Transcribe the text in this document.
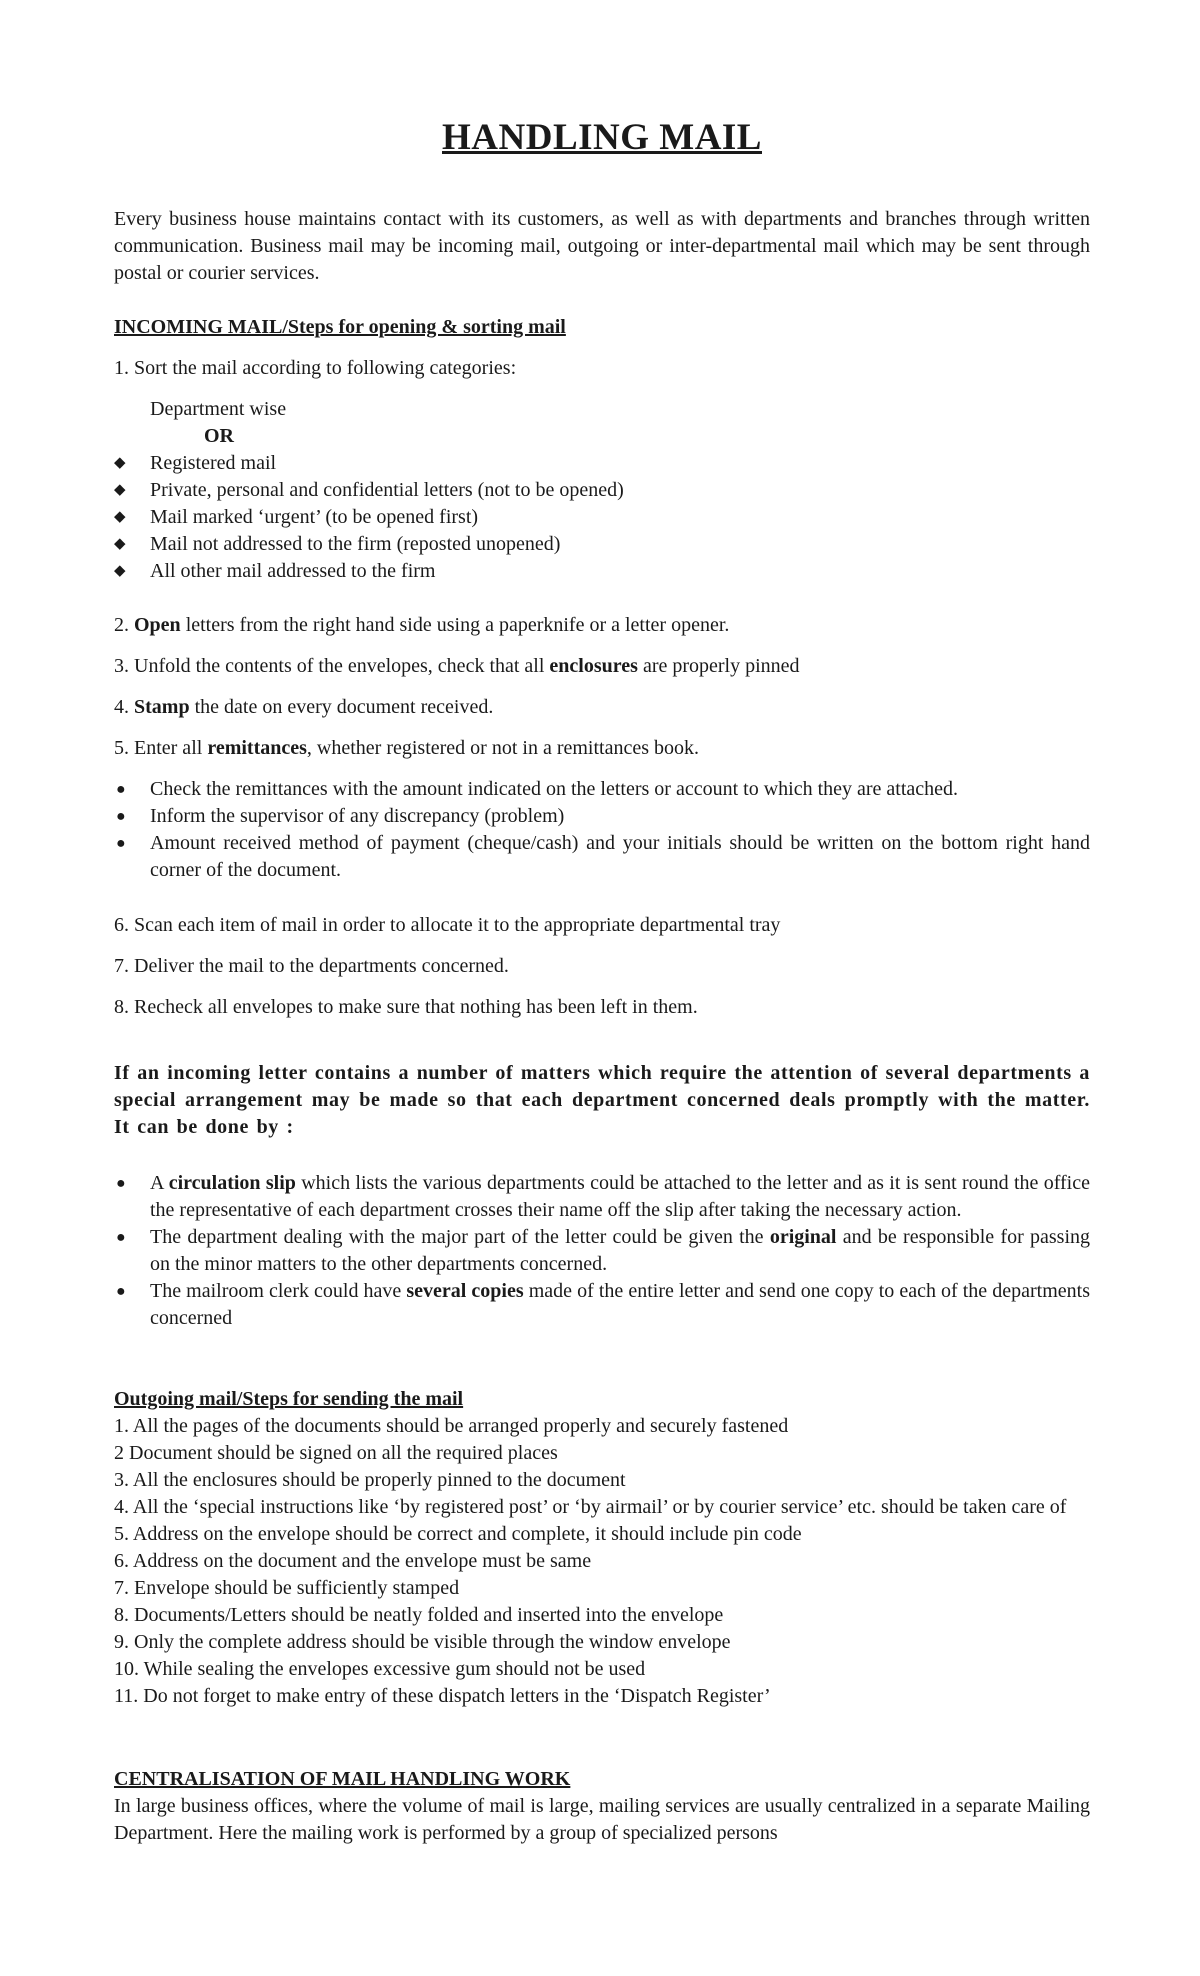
HANDLING MAIL

Every business house maintains contact with its customers, as well as with departments and branches through written communication. Business mail may be incoming mail, outgoing or inter-departmental mail which may be sent through postal or courier services.

INCOMING MAIL/Steps for opening & sorting mail

1. Sort the mail according to following categories:

Department wise

OR

◆	Registered mail
◆	Private, personal and confidential letters (not to be opened)
◆	Mail marked ‘urgent’ (to be opened first)
◆	Mail not addressed to the firm (reposted unopened)
◆	All other mail addressed to the firm

2. Open letters from the right hand side using a paperknife or a letter opener.

3. Unfold the contents of the envelopes, check that all enclosures are properly pinned

4. Stamp the date on every document received.

5. Enter all remittances, whether registered or not in a remittances book.

●	Check the remittances with the amount indicated on the letters or account to which they are attached.
●	Inform the supervisor of any discrepancy (problem)
●	Amount received method of payment (cheque/cash) and your initials should be written on the bottom right hand corner of the document.

6. Scan each item of mail in order to allocate it to the appropriate departmental tray

7. Deliver the mail to the departments concerned.

8. Recheck all envelopes to make sure that nothing has been left in them.

If an incoming letter contains a number of matters which require the attention of several departments a special arrangement may be made so that each department concerned deals promptly with the matter. It can be done by :

●	A circulation slip which lists the various departments could be attached to the letter and as it is sent round the office the representative of each department crosses their name off the slip after taking the necessary action.
●	The department dealing with the major part of the letter could be given the original and be responsible for passing on the minor matters to the other departments concerned.
●	The mailroom clerk could have several copies made of the entire letter and send one copy to each of the departments concerned

Outgoing mail/Steps for sending the mail

1. All the pages of the documents should be arranged properly and securely fastened

2 Document should be signed on all the required places

3. All the enclosures should be properly pinned to the document

4. All the ‘special instructions like ‘by registered post’ or ‘by airmail’ or by courier service’ etc. should be taken care of

5. Address on the envelope should be correct and complete, it should include pin code

6. Address on the document and the envelope must be same

7. Envelope should be sufficiently stamped

8. Documents/Letters should be neatly folded and inserted into the envelope

9. Only the complete address should be visible through the window envelope

10. While sealing the envelopes excessive gum should not be used

11. Do not forget to make entry of these dispatch letters in the ‘Dispatch Register’

CENTRALISATION OF MAIL HANDLING WORK

In large business offices, where the volume of mail is large, mailing services are usually centralized in a separate Mailing Department. Here the mailing work is performed by a group of specialized persons
